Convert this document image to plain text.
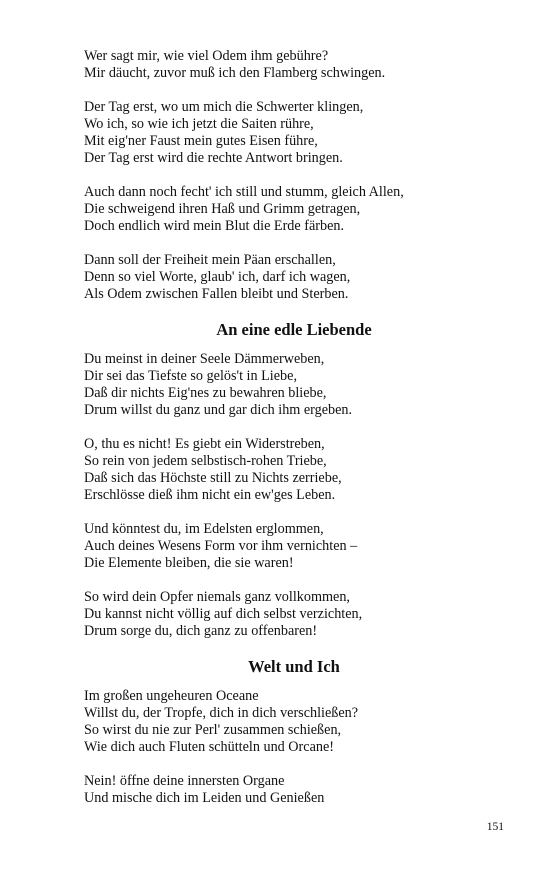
Wer sagt mir, wie viel Odem ihm gebühre?
Mir däucht, zuvor muß ich den Flamberg schwingen.
Der Tag erst, wo um mich die Schwerter klingen,
Wo ich, so wie ich jetzt die Saiten rühre,
Mit eig'ner Faust mein gutes Eisen führe,
Der Tag erst wird die rechte Antwort bringen.
Auch dann noch fecht' ich still und stumm, gleich Allen,
Die schweigend ihren Haß und Grimm getragen,
Doch endlich wird mein Blut die Erde färben.
Dann soll der Freiheit mein Päan erschallen,
Denn so viel Worte, glaub' ich, darf ich wagen,
Als Odem zwischen Fallen bleibt und Sterben.
An eine edle Liebende
Du meinst in deiner Seele Dämmerweben,
Dir sei das Tiefste so gelös't in Liebe,
Daß dir nichts Eig'nes zu bewahren bliebe,
Drum willst du ganz und gar dich ihm ergeben.
O, thu es nicht! Es giebt ein Widerstreben,
So rein von jedem selbstisch-rohen Triebe,
Daß sich das Höchste still zu Nichts zerriebe,
Erschlösse dieß ihm nicht ein ew'ges Leben.
Und könntest du, im Edelsten erglommen,
Auch deines Wesens Form vor ihm vernichten –
Die Elemente bleiben, die sie waren!
So wird dein Opfer niemals ganz vollkommen,
Du kannst nicht völlig auf dich selbst verzichten,
Drum sorge du, dich ganz zu offenbaren!
Welt und Ich
Im großen ungeheuren Oceane
Willst du, der Tropfe, dich in dich verschließen?
So wirst du nie zur Perl' zusammen schießen,
Wie dich auch Fluten schütteln und Orcane!
Nein! öffne deine innersten Organe
Und mische dich im Leiden und Genießen
151
